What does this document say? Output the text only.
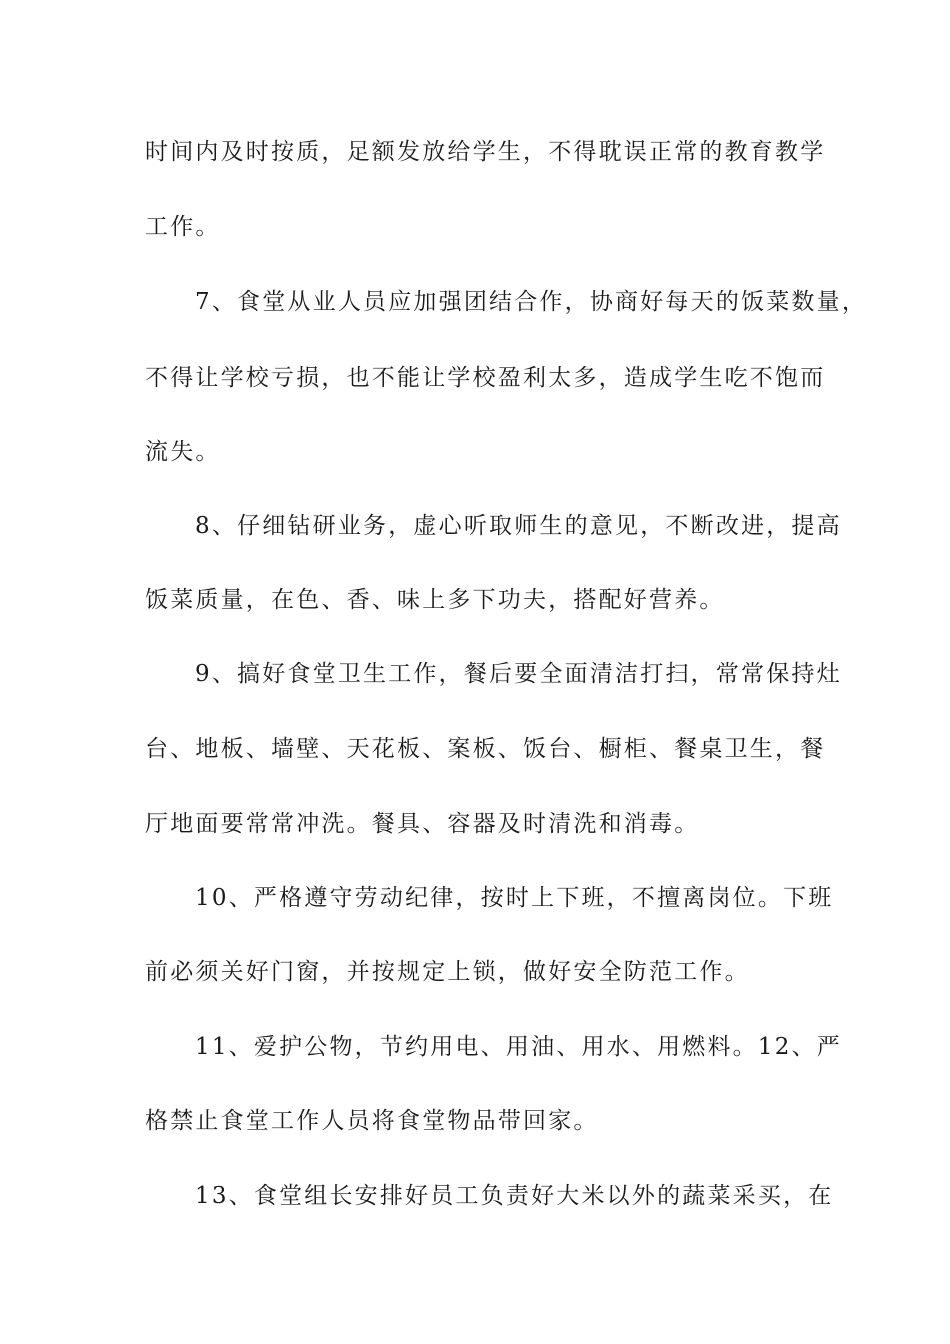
时间内及时按质，足额发放给学生，不得耽误正常的教育教学
工作。
7、食堂从业人员应加强团结合作，协商好每天的饭菜数量，
不得让学校亏损，也不能让学校盈利太多，造成学生吃不饱而
流失。
8、仔细钻研业务，虚心听取师生的意见，不断改进，提高
饭菜质量，在色、香、味上多下功夫，搭配好营养。
9、搞好食堂卫生工作，餐后要全面清洁打扫，常常保持灶
台、地板、墙壁、天花板、案板、饭台、橱柜、餐桌卫生，餐
厅地面要常常冲洗。餐具、容器及时清洗和消毒。
10、严格遵守劳动纪律，按时上下班，不擅离岗位。下班
前必须关好门窗，并按规定上锁，做好安全防范工作。
11、爱护公物，节约用电、用油、用水、用燃料。12、严
格禁止食堂工作人员将食堂物品带回家。
13、食堂组长安排好员工负责好大米以外的蔬菜采买，在
